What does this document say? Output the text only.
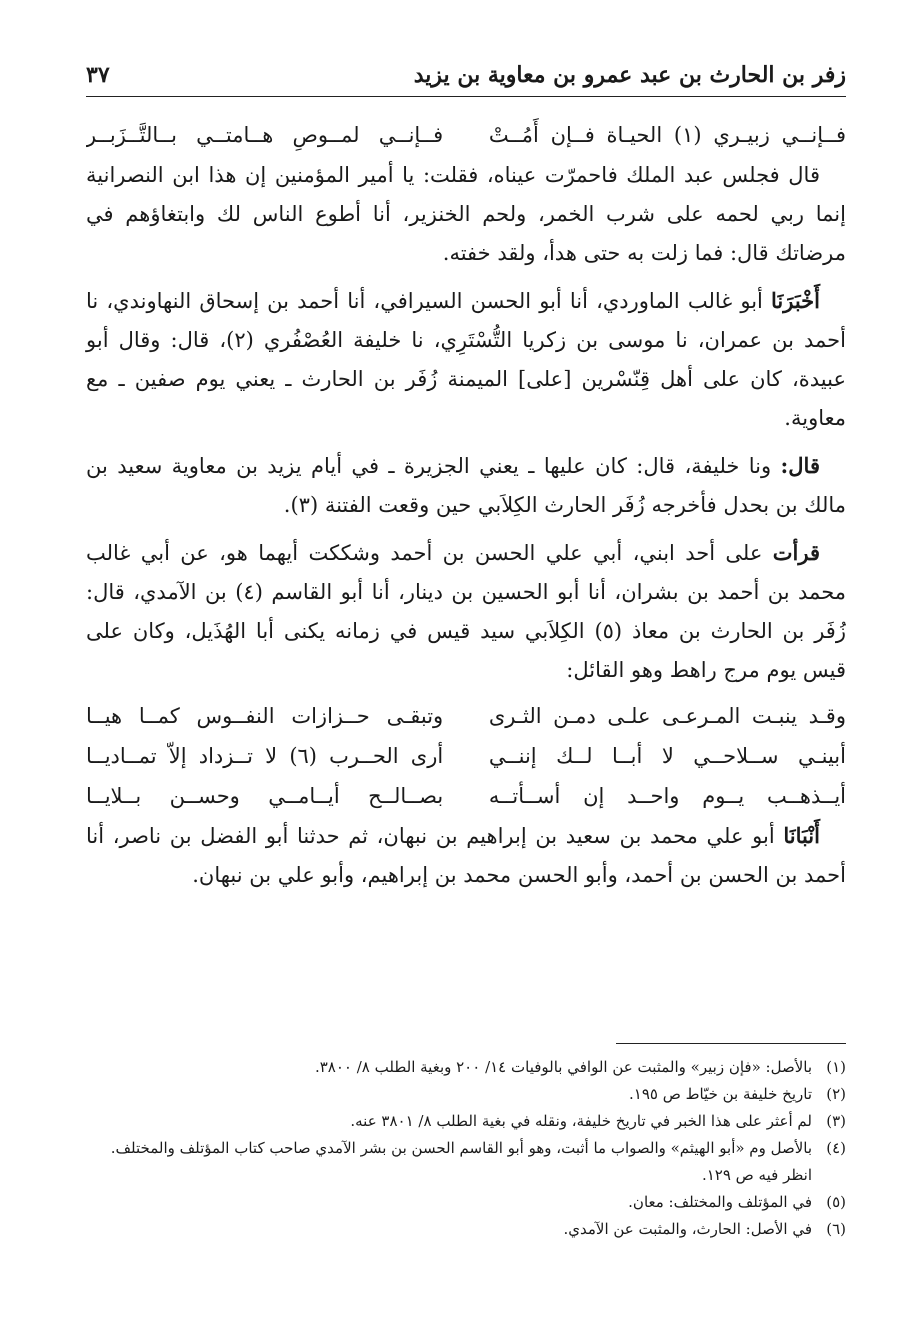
زفر بن الحارث بن عبد عمرو بن معاوية بن يزيد
٣٧
فــإنــي زبيـري (١) الحيـاة فــإن أَمُــتْ
فــإنــي لمــوصِ هــامتــي بــالتَّــزَبــر

قال فجلس عبد الملك فاحمرّت عيناه، فقلت: يا أمير المؤمنين إن هذا ابن النصرانية إنما ربي لحمه على شرب الخمر، ولحم الخنزير، أنا أطوع الناس لك وابتغاؤهم في مرضاتك قال: فما زلت به حتى هدأ، ولقد خفته.

أَخْبَرَنَا أبو غالب الماوردي، أنا أبو الحسن السيرافي، أنا أحمد بن إسحاق النهاوندي، نا أحمد بن عمران، نا موسى بن زكريا التُّسْتَرِي، نا خليفة العُصْفُري (٢)، قال: وقال أبو عبيدة، كان على أهل قِنّسْرين [على] الميمنة زُفَر بن الحارث ـ يعني يوم صفين ـ مع معاوية.

قال: ونا خليفة، قال: كان عليها ـ يعني الجزيرة ـ في أيام يزيد بن معاوية سعيد بن مالك بن بحدل فأخرجه زُفَر الحارث الكِلاَبي حين وقعت الفتنة (٣).

قرأت على أحد ابني، أبي علي الحسن بن أحمد وشككت أيهما هو، عن أبي غالب محمد بن أحمد بن بشران، أنا أبو الحسين بن دينار، أنا أبو القاسم (٤) بن الآمدي، قال: زُفَر بن الحارث بن معاذ (٥) الكِلاَبي سيد قيس في زمانه يكنى أبا الهُذَيل، وكان على قيس يوم مرج راهط وهو القائل:

وقـد ينبـت المـرعـى علـى دمـن الثـرى
وتبقـى حــزازات النفــوس كمــا هيــا
أبينـي ســلاحــي لا أبــا لــك إننــي
أرى الحــرب (٦) لا تــزداد إلاّ تمــاديــا
أيــذهــب يــوم واحــد إن أســأتــه
بصــالــح أيــامــي وحســن بــلايــا

أَنْبَانَا أبو علي محمد بن سعيد بن إبراهيم بن نبهان، ثم حدثنا أبو الفضل بن ناصر، أنا أحمد بن الحسن بن أحمد، وأبو الحسن محمد بن إبراهيم، وأبو علي بن نبهان.

(١)
بالأصل: «فإن زبير» والمثبت عن الوافي بالوفيات ١٤/ ٢٠٠ وبغية الطلب ٨/ ٣٨٠٠.
(٢)
تاريخ خليفة بن خيّاط ص ١٩٥.
(٣)
لم أعثر على هذا الخبر في تاريخ خليفة، ونقله في بغية الطلب ٨/ ٣٨٠١ عنه.
(٤)
بالأصل وم «أبو الهيثم» والصواب ما أثبت، وهو أبو القاسم الحسن بن بشر الآمدي صاحب كتاب المؤتلف والمختلف. انظر فيه ص ١٢٩.
(٥)
في المؤتلف والمختلف: معان.
(٦)
في الأصل: الحارث، والمثبت عن الآمدي.
